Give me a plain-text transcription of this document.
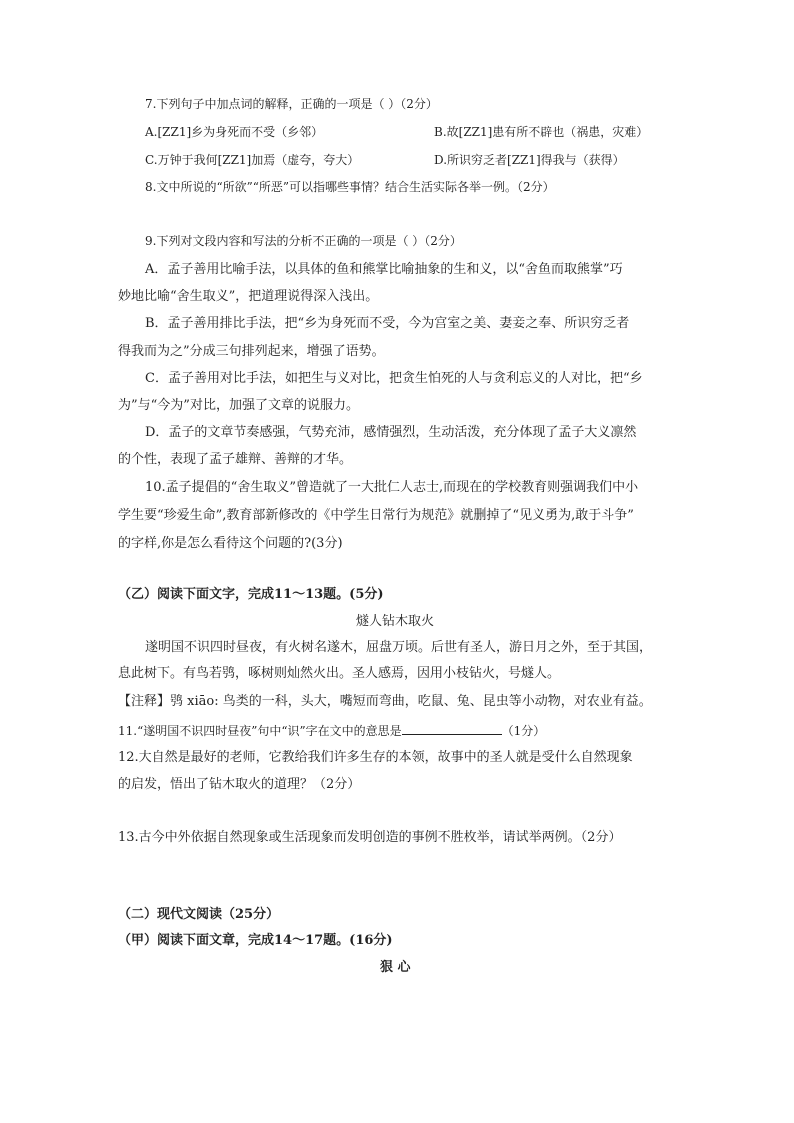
7.下列句子中加点词的解释，正确的一项是（ ）（2分）
A.[ZZ1]乡为身死而不受（乡邻）	B.故[ZZ1]患有所不辟也（祸患，灾难）
C.万钟于我何[ZZ1]加焉（虚夸，夸大）	D.所识穷乏者[ZZ1]得我与（获得）
8.文中所说的“所欲”“所恶”可以指哪些事情？结合生活实际各举一例。（2分）
9.下列对文段内容和写法的分析不正确的一项是（ ）（2分）
A．孟子善用比喻手法，以具体的鱼和熊掌比喻抽象的生和义，以“舍鱼而取熊掌”巧
妙地比喻“舍生取义”，把道理说得深入浅出。
B．孟子善用排比手法，把“乡为身死而不受，今为宫室之美、妻妾之奉、所识穷乏者
得我而为之”分成三句排列起来，增强了语势。
C．孟子善用对比手法，如把生与义对比，把贪生怕死的人与贪利忘义的人对比，把“乡
为”与“今为”对比，加强了文章的说服力。
D．孟子的文章节奏感强，气势充沛，感情强烈，生动活泼，充分体现了孟子大义凛然
的个性，表现了孟子雄辩、善辩的才华。
10.孟子提倡的“舍生取义”曾造就了一大批仁人志士,而现在的学校教育则强调我们中小
学生要“珍爱生命”,教育部新修改的《中学生日常行为规范》就删掉了“见义勇为,敢于斗争”
的字样,你是怎么看待这个问题的?(3分)
（乙）阅读下面文字，完成11～13题。(5分)
燧人钻木取火
遂明国不识四时昼夜，有火树名遂木，屈盘万顷。后世有圣人，游日月之外，至于其国，
息此树下。有鸟若鸮，啄树则灿然火出。圣人感焉，因用小枝钻火，号燧人。
【注释】鸮 xiāo: 鸟类的一科，头大，嘴短而弯曲，吃鼠、兔、昆虫等小动物，对农业有益。
11.“遂明国不识四时昼夜”句中“识”字在文中的意思是	（1分）
12.大自然是最好的老师，它教给我们许多生存的本领，故事中的圣人就是受什么自然现象
的启发，悟出了钻木取火的道理？（2分）
13.古今中外依据自然现象或生活现象而发明创造的事例不胜枚举，请试举两例。（2分）
（二）现代文阅读（25分）
（甲）阅读下面文章，完成14～17题。(16分)
狠 心
